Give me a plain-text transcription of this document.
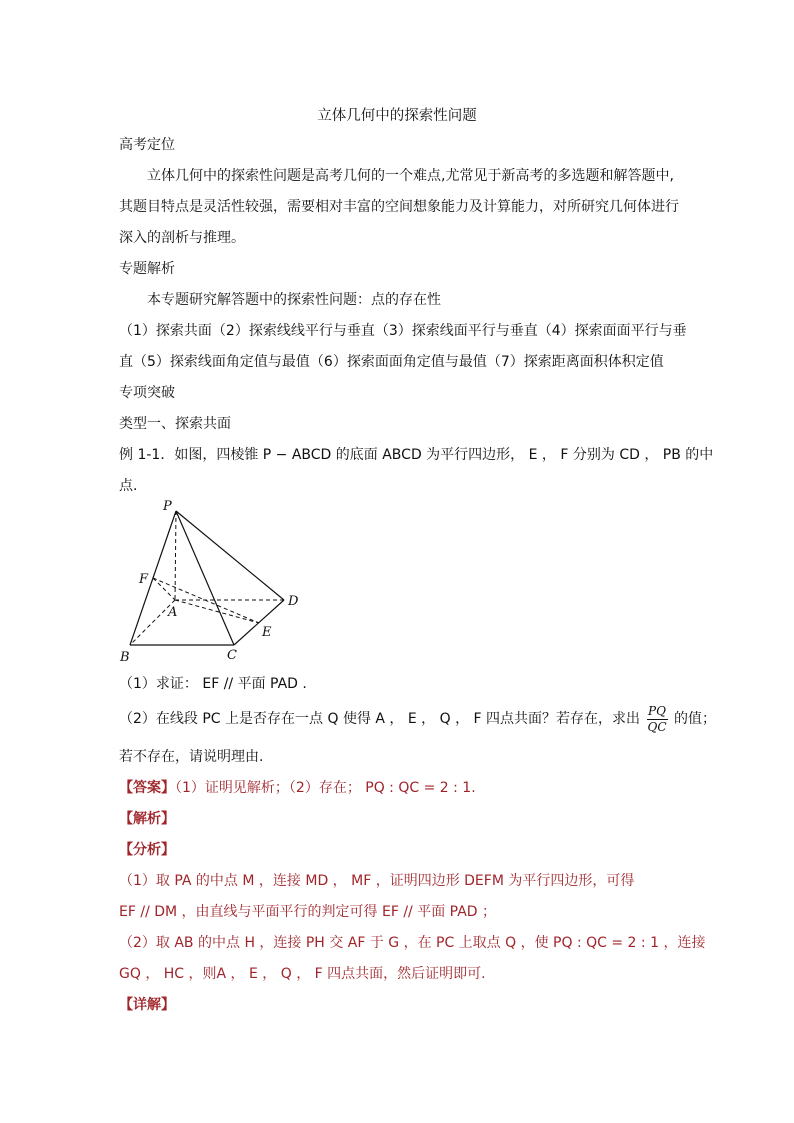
立体几何中的探索性问题
高考定位
立体几何中的探索性问题是高考几何的一个难点,尤常见于新高考的多选题和解答题中,
其题目特点是灵活性较强，需要相对丰富的空间想象能力及计算能力，对所研究几何体进行
深入的剖析与推理。
专题解析
本专题研究解答题中的探索性问题：点的存在性
（1）探索共面（2）探索线线平行与垂直（3）探索线面平行与垂直（4）探索面面平行与垂
直（5）探索线面角定值与最值（6）探索面面角定值与最值（7）探索距离面积体积定值
专项突破
类型一、探索共面
例 1-1．如图，四棱锥 P − ABCD 的底面 ABCD 为平行四边形， E ， F 分别为 CD ， PB 的中
点.
P
F
A
D
E
B	C
（1）求证： EF // 平面 PAD .
（2）在线段 PC 上是否存在一点 Q 使得 A ， E ， Q ， F 四点共面？若存在，求出 $\frac{PQ}{QC}$ 的值；
若不存在，请说明理由.
【答案】（1）证明见解析；（2）存在； PQ : QC = 2 : 1.
【解析】
【分析】
（1）取 PA 的中点 M ，连接 MD ， MF ，证明四边形 DEFM 为平行四边形，可得
EF // DM ，由直线与平面平行的判定可得 EF // 平面 PAD ；
（2）取 AB 的中点 H ，连接 PH 交 AF 于 G ，在 PC 上取点 Q ，使 PQ : QC = 2 : 1 ，连接
GQ ， HC ，则A ， E ， Q ， F 四点共面，然后证明即可.
【详解】
